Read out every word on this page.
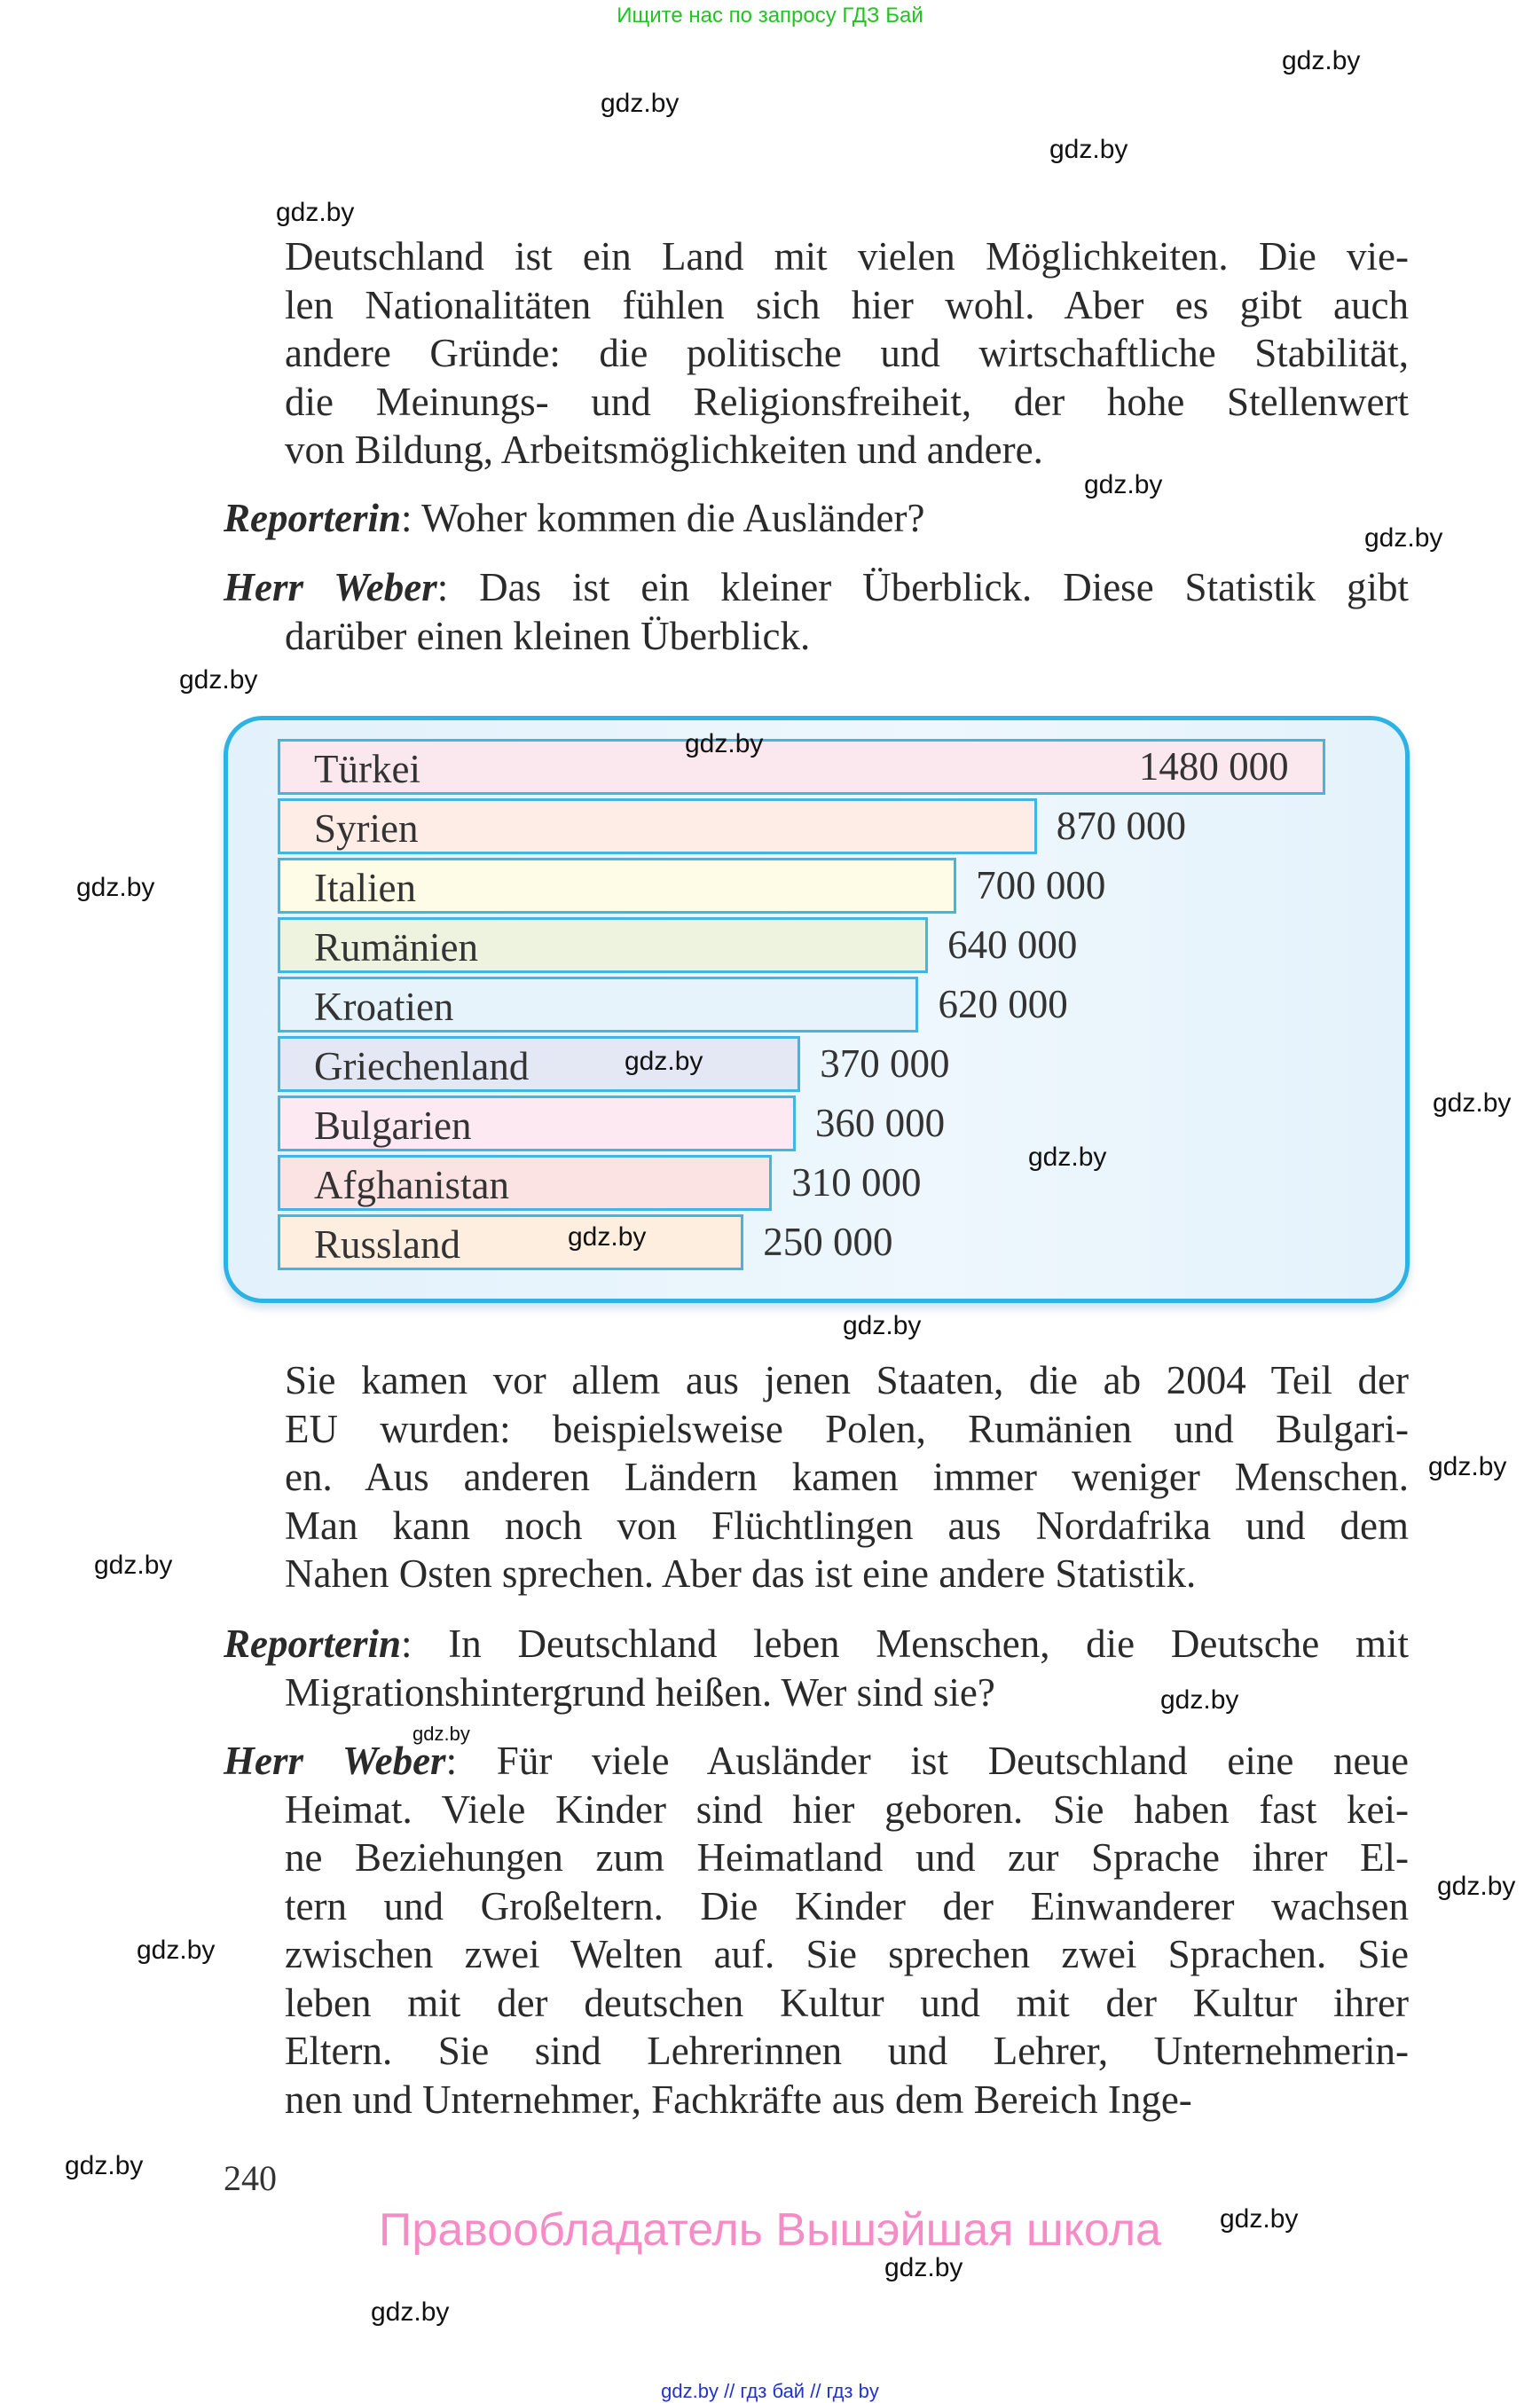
Ищите нас по запросу ГДЗ Бай
Deutschland ist ein Land mit vielen Möglichkeiten. Die vie-
len Nationalitäten fühlen sich hier wohl. Aber es gibt auch
andere Gründe: die politische und wirtschaftliche Stabilität,
die Meinungs- und Religionsfreiheit, der hohe Stellenwert
von Bildung, Arbeitsmöglichkeiten und andere.
Reporterin: Woher kommen die Ausländer?
Herr Weber: Das ist ein kleiner Überblick. Diese Statistik gibt
darüber einen kleinen Überblick.
Türkei	1480 000
Syrien	870 000
Italien	700 000
Rumänien	640 000
Kroatien	620 000
Griechenland	370 000
Bulgarien	360 000
Afghanistan	310 000
Russland	250 000
Sie kamen vor allem aus jenen Staaten, die ab 2004 Teil der
EU wurden: beispielsweise Polen, Rumänien und Bulgari-
en. Aus anderen Ländern kamen immer weniger Menschen.
Man kann noch von Flüchtlingen aus Nordafrika und dem
Nahen Osten sprechen. Aber das ist eine andere Statistik.
Reporterin: In Deutschland leben Menschen, die Deutsche mit
Migrationshintergrund heißen. Wer sind sie?
Herr Weber: Für viele Ausländer ist Deutschland eine neue
Heimat. Viele Kinder sind hier geboren. Sie haben fast kei-
ne Beziehungen zum Heimatland und zur Sprache ihrer El-
tern und Großeltern. Die Kinder der Einwanderer wachsen
zwischen zwei Welten auf. Sie sprechen zwei Sprachen. Sie
leben mit der deutschen Kultur und mit der Kultur ihrer
Eltern. Sie sind Lehrerinnen und Lehrer, Unternehmerin-
nen und Unternehmer, Fachkräfte aus dem Bereich Inge-
240
Правообладатель Вышэйшая школа
gdz.by // гдз бай // гдз by
gdz.by
gdz.by
gdz.by
gdz.by
gdz.by
gdz.by
gdz.by
gdz.by
gdz.by
gdz.by
gdz.by
gdz.by
gdz.by
gdz.by
gdz.by
gdz.by
gdz.by
gdz.by
gdz.by
gdz.by
gdz.by
gdz.by
gdz.by
gdz.by
